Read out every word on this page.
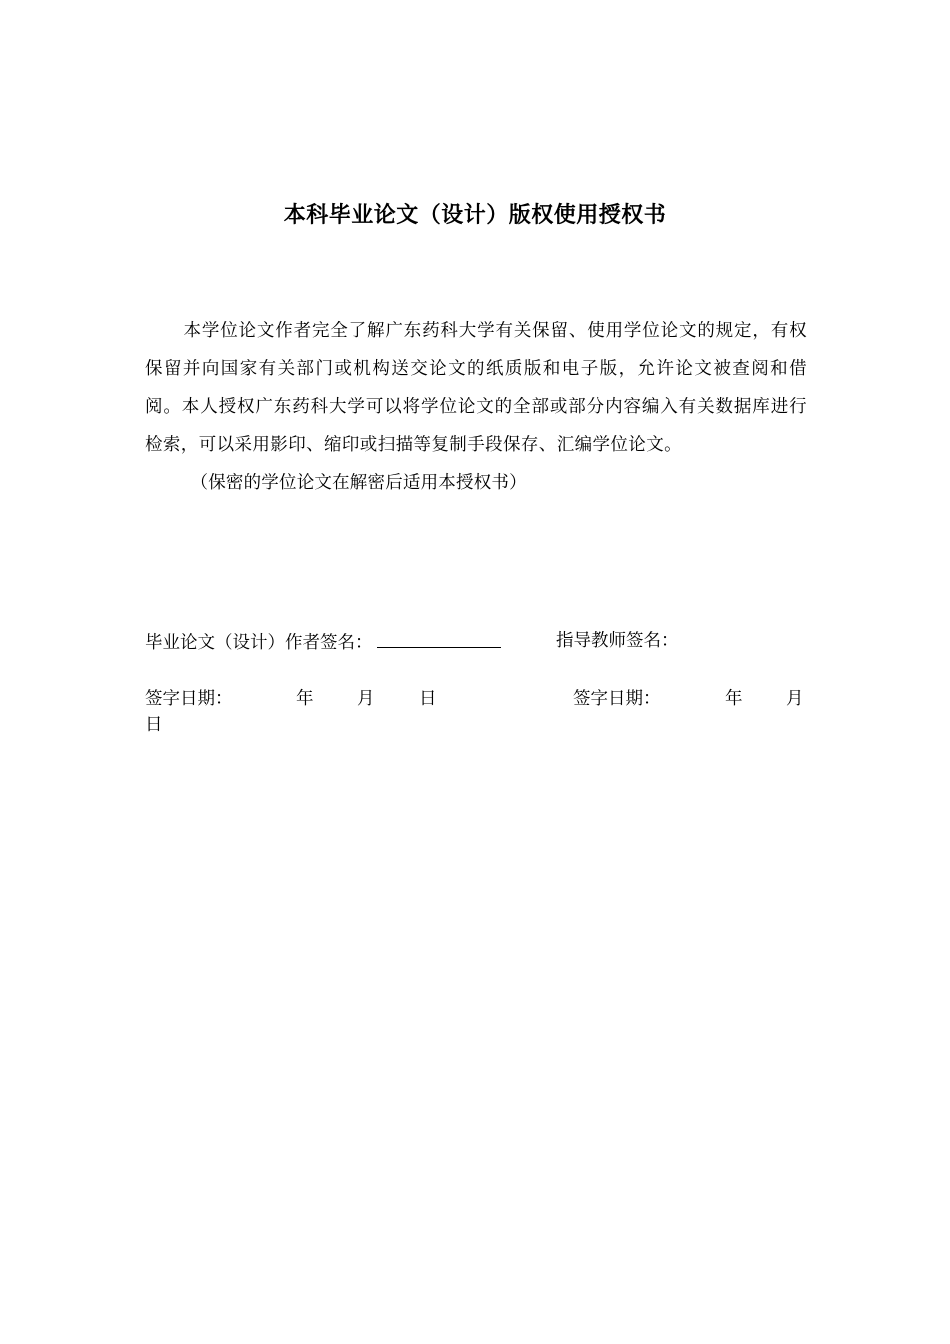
本科毕业论文（设计）版权使用授权书

本学位论文作者完全了解广东药科大学有关保留、使用学位论文的规定，有权保留并向国家有关部门或机构送交论文的纸质版和电子版，允许论文被查阅和借阅。本人授权广东药科大学可以将学位论文的全部或部分内容编入有关数据库进行检索，可以采用影印、缩印或扫描等复制手段保存、汇编学位论文。

（保密的学位论文在解密后适用本授权书）

毕业论文（设计）作者签名：	指导教师签名：
签字日期：	年 月	日	签字日期：	年 月
日
